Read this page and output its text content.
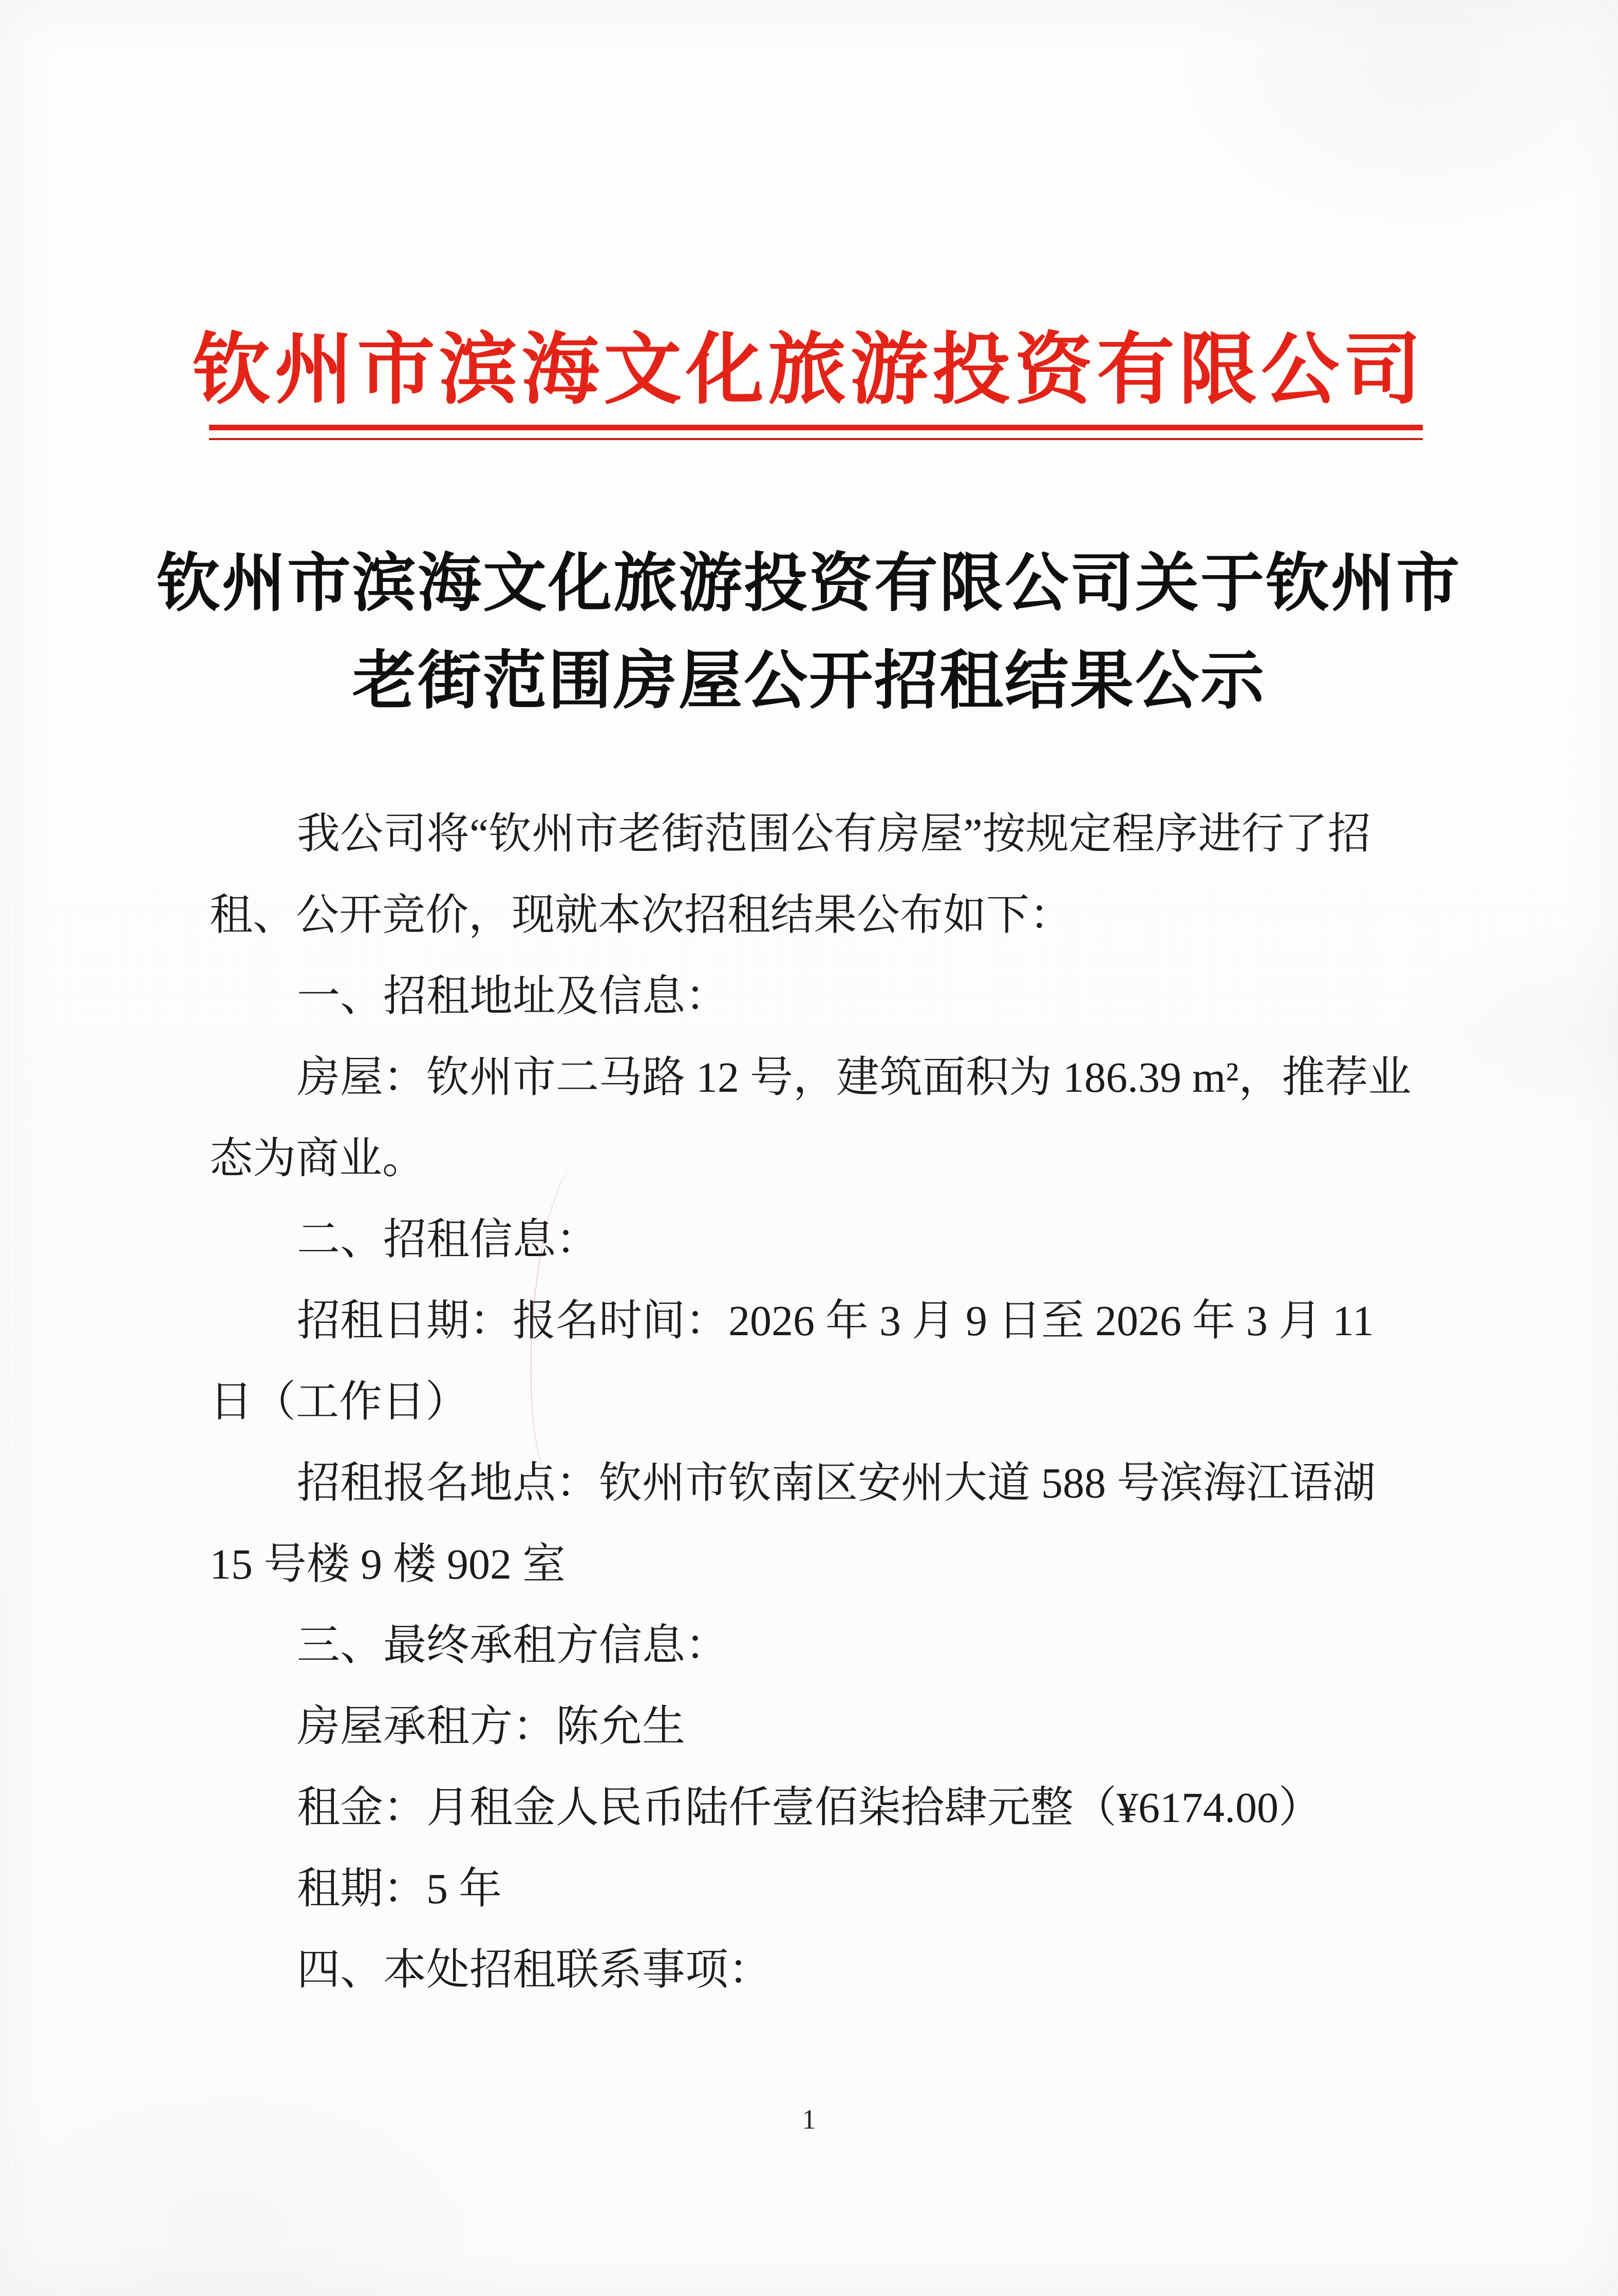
钦州市滨海文化旅游投资有限公司
钦州市滨海文化旅游投资有限公司关于钦州市
老街范围房屋公开招租结果公示

我公司将“钦州市老街范围公有房屋”按规定程序进行了招

租、公开竞价，现就本次招租结果公布如下：

一、招租地址及信息：

房屋：钦州市二马路 12 号，建筑面积为 186.39 m²，推荐业

态为商业。

二、招租信息：

招租日期：报名时间：2026 年 3 月 9 日至 2026 年 3 月 11

日（工作日）

招租报名地点：钦州市钦南区安州大道 588 号滨海江语湖

15 号楼 9 楼 902 室

三、最终承租方信息：

房屋承租方：陈允生

租金：月租金人民币陆仟壹佰柒拾肆元整（¥6174.00）

租期：5 年

四、本处招租联系事项：

1
